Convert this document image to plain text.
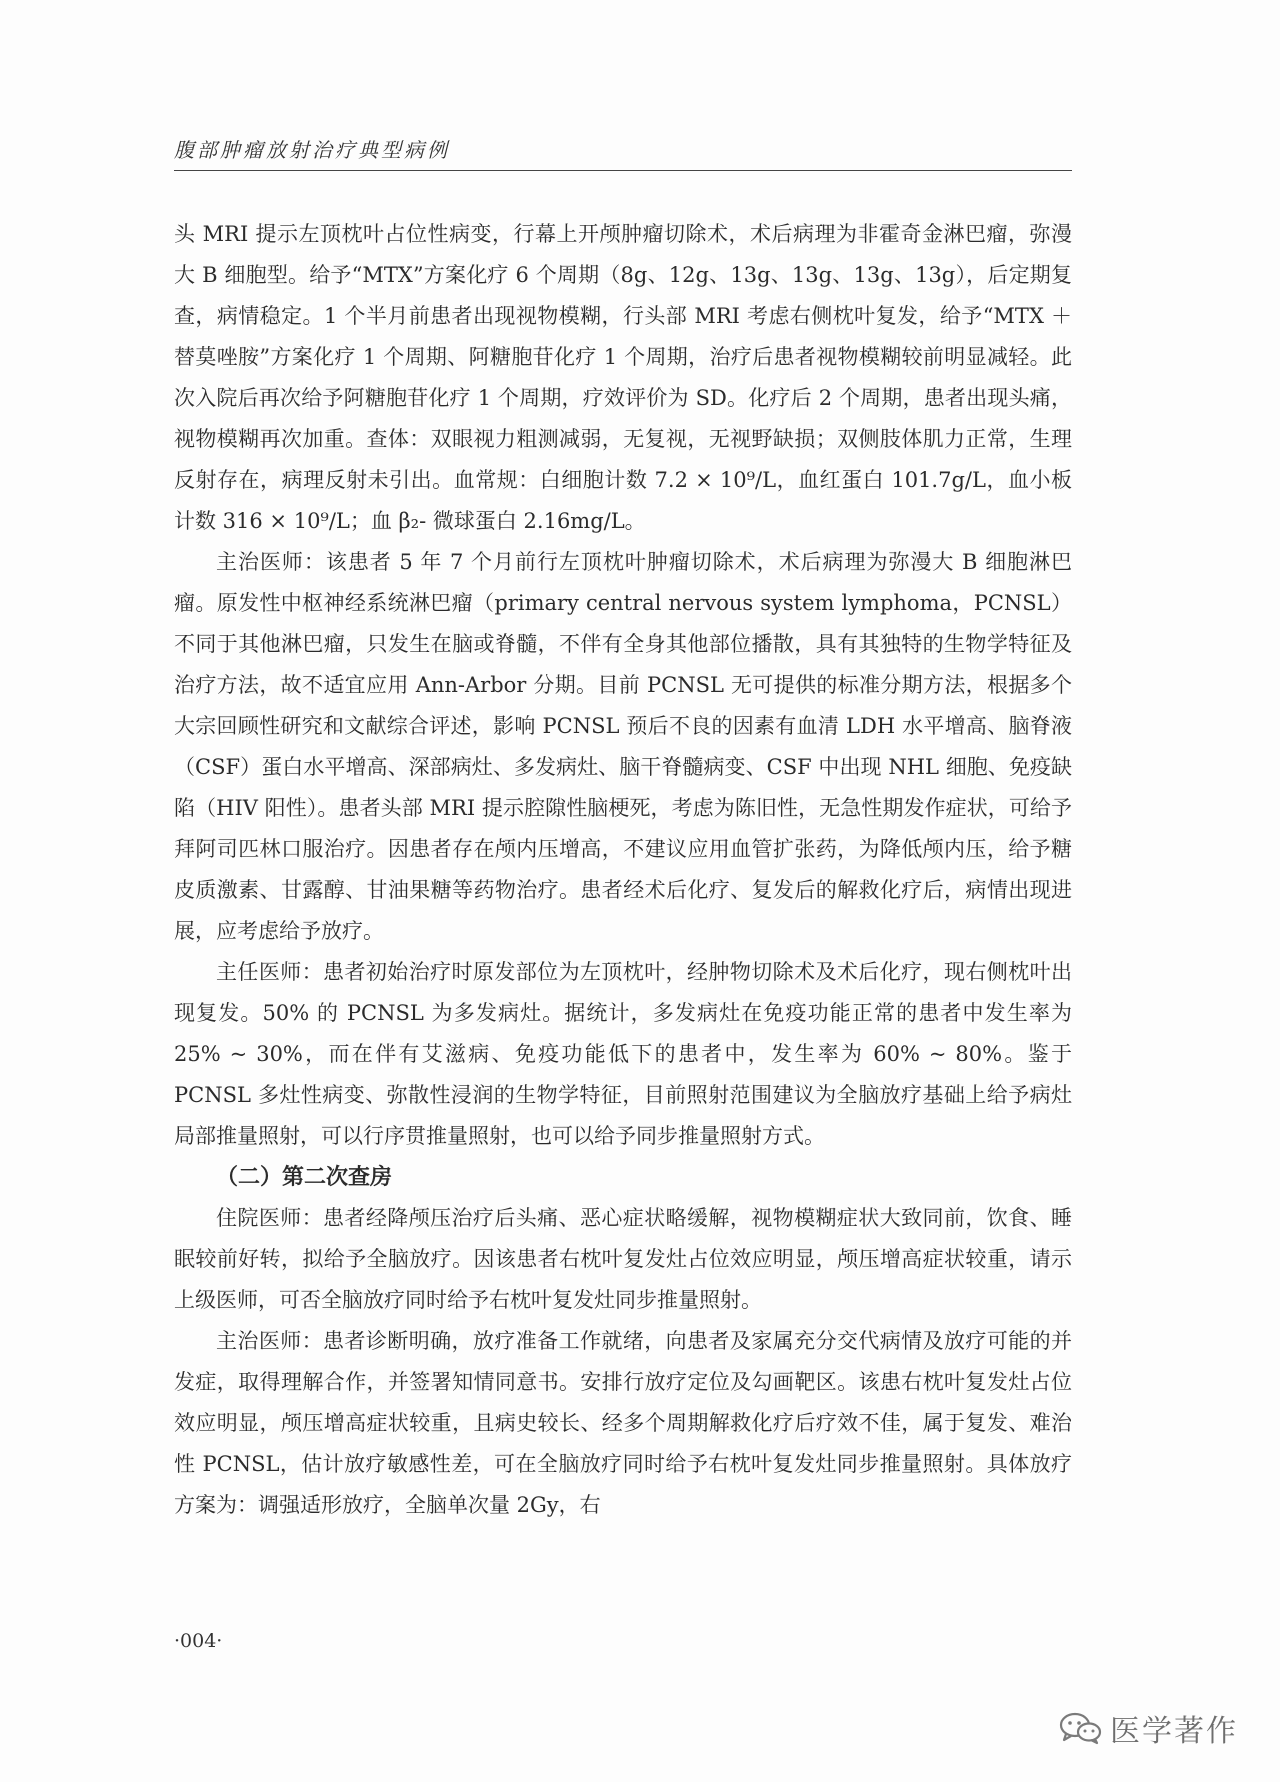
腹部肿瘤放射治疗典型病例

头 MRI 提示左顶枕叶占位性病变，行幕上开颅肿瘤切除术，术后病理为非霍奇金淋巴瘤，弥漫大 B 细胞型。给予“MTX”方案化疗 6 个周期（8g、12g、13g、13g、13g、13g），后定期复查，病情稳定。1 个半月前患者出现视物模糊，行头部 MRI 考虑右侧枕叶复发，给予“MTX ＋替莫唑胺”方案化疗 1 个周期、阿糖胞苷化疗 1 个周期，治疗后患者视物模糊较前明显减轻。此次入院后再次给予阿糖胞苷化疗 1 个周期，疗效评价为 SD。化疗后 2 个周期，患者出现头痛，视物模糊再次加重。查体：双眼视力粗测减弱，无复视，无视野缺损；双侧肢体肌力正常，生理反射存在，病理反射未引出。血常规：白细胞计数 7.2 × 10⁹/L，血红蛋白 101.7g/L，血小板计数 316 × 10⁹/L；血 β₂- 微球蛋白 2.16mg/L。

主治医师：该患者 5 年 7 个月前行左顶枕叶肿瘤切除术，术后病理为弥漫大 B 细胞淋巴瘤。原发性中枢神经系统淋巴瘤（primary central nervous system lymphoma，PCNSL）不同于其他淋巴瘤，只发生在脑或脊髓，不伴有全身其他部位播散，具有其独特的生物学特征及治疗方法，故不适宜应用 Ann-Arbor 分期。目前 PCNSL 无可提供的标准分期方法，根据多个大宗回顾性研究和文献综合评述，影响 PCNSL 预后不良的因素有血清 LDH 水平增高、脑脊液（CSF）蛋白水平增高、深部病灶、多发病灶、脑干脊髓病变、CSF 中出现 NHL 细胞、免疫缺陷（HIV 阳性）。患者头部 MRI 提示腔隙性脑梗死，考虑为陈旧性，无急性期发作症状，可给予拜阿司匹林口服治疗。因患者存在颅内压增高，不建议应用血管扩张药，为降低颅内压，给予糖皮质激素、甘露醇、甘油果糖等药物治疗。患者经术后化疗、复发后的解救化疗后，病情出现进展，应考虑给予放疗。

主任医师：患者初始治疗时原发部位为左顶枕叶，经肿物切除术及术后化疗，现右侧枕叶出现复发。50% 的 PCNSL 为多发病灶。据统计，多发病灶在免疫功能正常的患者中发生率为 25% ~ 30%，而在伴有艾滋病、免疫功能低下的患者中，发生率为 60% ~ 80%。鉴于 PCNSL 多灶性病变、弥散性浸润的生物学特征，目前照射范围建议为全脑放疗基础上给予病灶局部推量照射，可以行序贯推量照射，也可以给予同步推量照射方式。

（二）第二次查房

住院医师：患者经降颅压治疗后头痛、恶心症状略缓解，视物模糊症状大致同前，饮食、睡眠较前好转，拟给予全脑放疗。因该患者右枕叶复发灶占位效应明显，颅压增高症状较重，请示上级医师，可否全脑放疗同时给予右枕叶复发灶同步推量照射。

主治医师：患者诊断明确，放疗准备工作就绪，向患者及家属充分交代病情及放疗可能的并发症，取得理解合作，并签署知情同意书。安排行放疗定位及勾画靶区。该患右枕叶复发灶占位效应明显，颅压增高症状较重，且病史较长、经多个周期解救化疗后疗效不佳，属于复发、难治性 PCNSL，估计放疗敏感性差，可在全脑放疗同时给予右枕叶复发灶同步推量照射。具体放疗方案为：调强适形放疗，全脑单次量 2Gy，右

·004·
医学著作
